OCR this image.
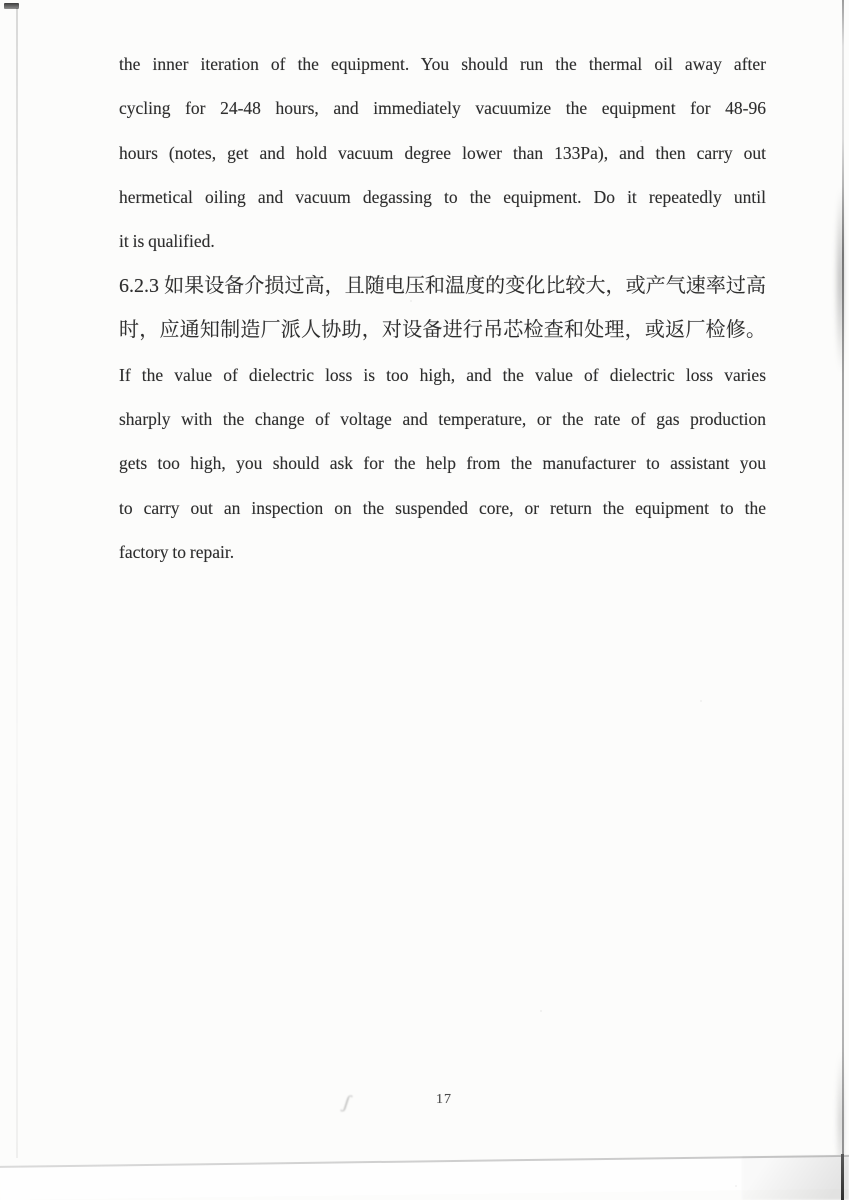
the inner iteration of the equipment. You should run the thermal oil away after
cycling for 24-48 hours, and immediately vacuumize the equipment for 48-96
hours (notes, get and hold vacuum degree lower than 133Pa), and then carry out
hermetical oiling and vacuum degassing to the equipment. Do it repeatedly until
it is qualified.
6.2.3 如果设备介损过高，且随电压和温度的变化比较大，或产气速率过高
时，应通知制造厂派人协助，对设备进行吊芯检查和处理，或返厂检修。
If the value of dielectric loss is too high, and the value of dielectric loss varies
sharply with the change of voltage and temperature, or the rate of gas production
gets too high, you should ask for the help from the manufacturer to assistant you
to carry out an inspection on the suspended core, or return the equipment to the
factory to repair.
17
ʃ
